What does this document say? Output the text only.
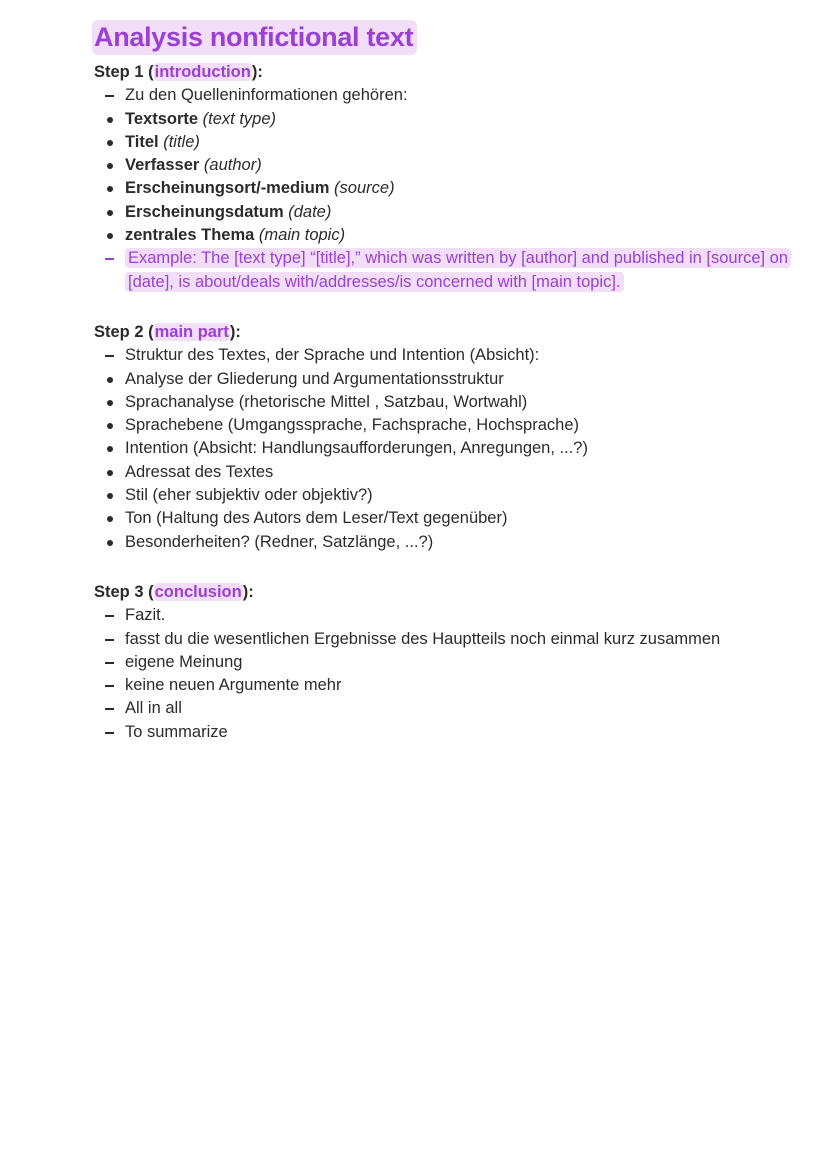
Analysis nonfictional text

Step 1 (introduction):

Zu den Quelleninformationen gehören:
Textsorte (text type)
Titel (title)
Verfasser (author)
Erscheinungsort/-medium (source)
Erscheinungsdatum (date)
zentrales Thema (main topic)
Example: The [text type] “[title],” which was written by [author] and published in [source] on [date], is about/deals with/addresses/is concerned with [main topic].

Step 2 (main part):

Struktur des Textes, der Sprache und Intention (Absicht):
Analyse der Gliederung und Argumentationsstruktur
Sprachanalyse (rhetorische Mittel , Satzbau, Wortwahl)
Sprachebene (Umgangssprache, Fachsprache, Hochsprache)
Intention (Absicht: Handlungsaufforderungen, Anregungen, ...?)
Adressat des Textes
Stil (eher subjektiv oder objektiv?)
Ton (Haltung des Autors dem Leser/Text gegenüber)
Besonderheiten? (Redner, Satzlänge, ...?)

Step 3 (conclusion):

Fazit.
fasst du die wesentlichen Ergebnisse des Hauptteils noch einmal kurz zusammen
eigene Meinung
keine neuen Argumente mehr
All in all
To summarize
